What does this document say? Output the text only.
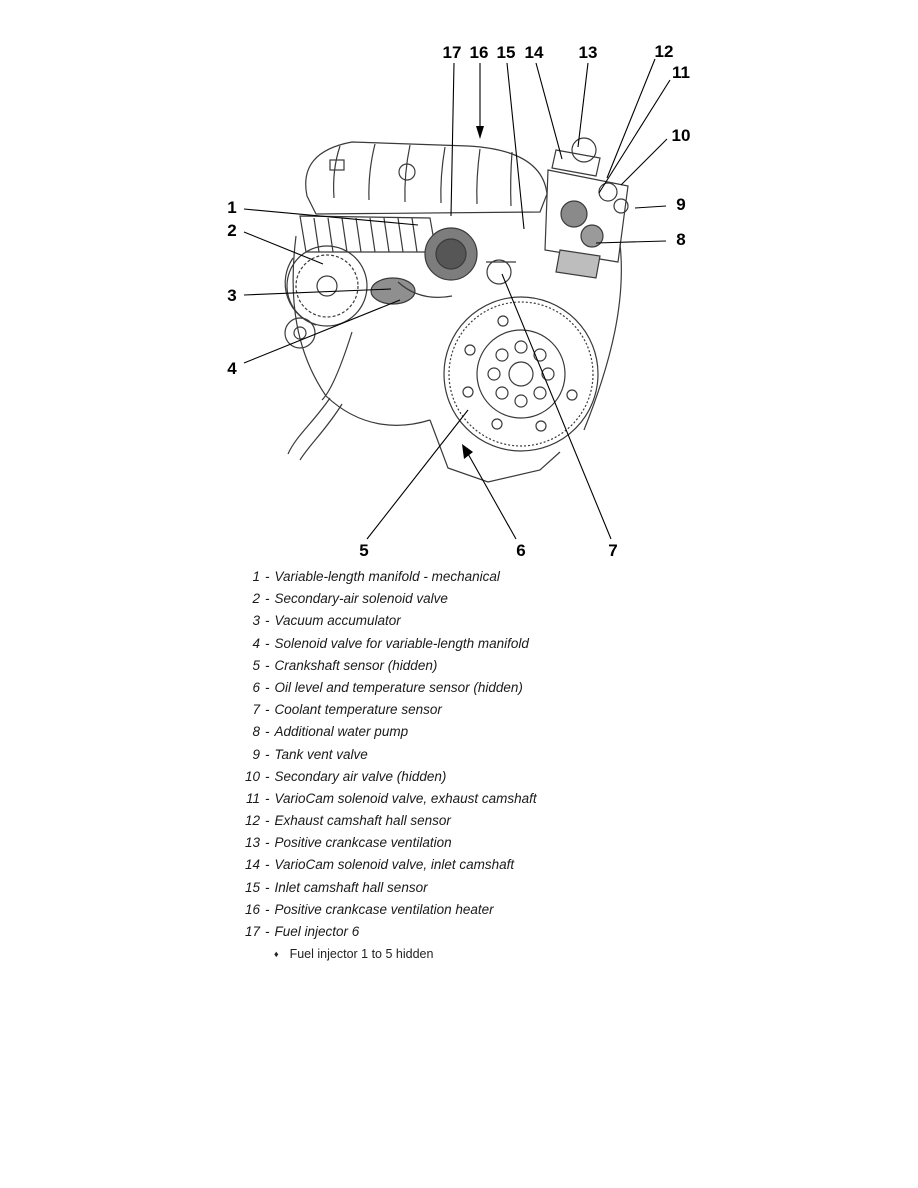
1
2
3
4
5	6	7
8
9
10
11
12
13
14
15
16
17
1 - Variable-length manifold - mechanical
2 - Secondary-air solenoid valve
3 - Vacuum accumulator
4 - Solenoid valve for variable-length manifold
5 - Crankshaft sensor (hidden)
6 - Oil level and temperature sensor (hidden)
7 - Coolant temperature sensor
8 - Additional water pump
9 - Tank vent valve
10 - Secondary air valve (hidden)
11 - VarioCam solenoid valve, exhaust camshaft
12 - Exhaust camshaft hall sensor
13 - Positive crankcase ventilation
14 - VarioCam solenoid valve, inlet camshaft
15 - Inlet camshaft hall sensor
16 - Positive crankcase ventilation heater
17 - Fuel injector 6
♦ Fuel injector 1 to 5 hidden
